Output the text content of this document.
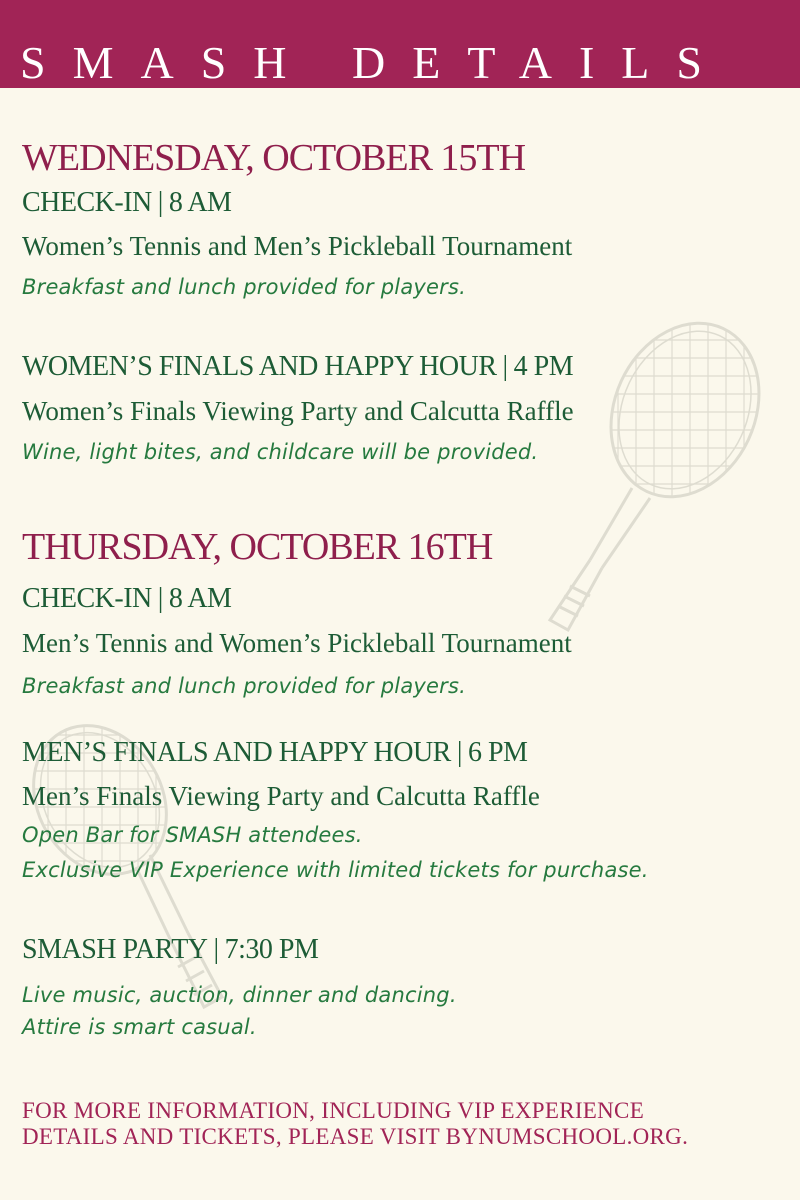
SMASH DETAILS
WEDNESDAY, OCTOBER 15TH
CHECK-IN | 8 AM
Women’s Tennis and Men’s Pickleball Tournament
Breakfast and lunch provided for players.
WOMEN’S FINALS AND HAPPY HOUR | 4 PM
Women’s Finals Viewing Party and Calcutta Raffle
Wine, light bites, and childcare will be provided.
THURSDAY, OCTOBER 16TH
CHECK-IN | 8 AM
Men’s Tennis and Women’s Pickleball Tournament
Breakfast and lunch provided for players.
MEN’S FINALS AND HAPPY HOUR | 6 PM
Men’s Finals Viewing Party and Calcutta Raffle
Open Bar for SMASH attendees.
Exclusive VIP Experience with limited tickets for purchase.
SMASH PARTY | 7:30 PM
Live music, auction, dinner and dancing.
Attire is smart casual.
FOR MORE INFORMATION, INCLUDING VIP EXPERIENCE
DETAILS AND TICKETS, PLEASE VISIT BYNUMSCHOOL.ORG.
